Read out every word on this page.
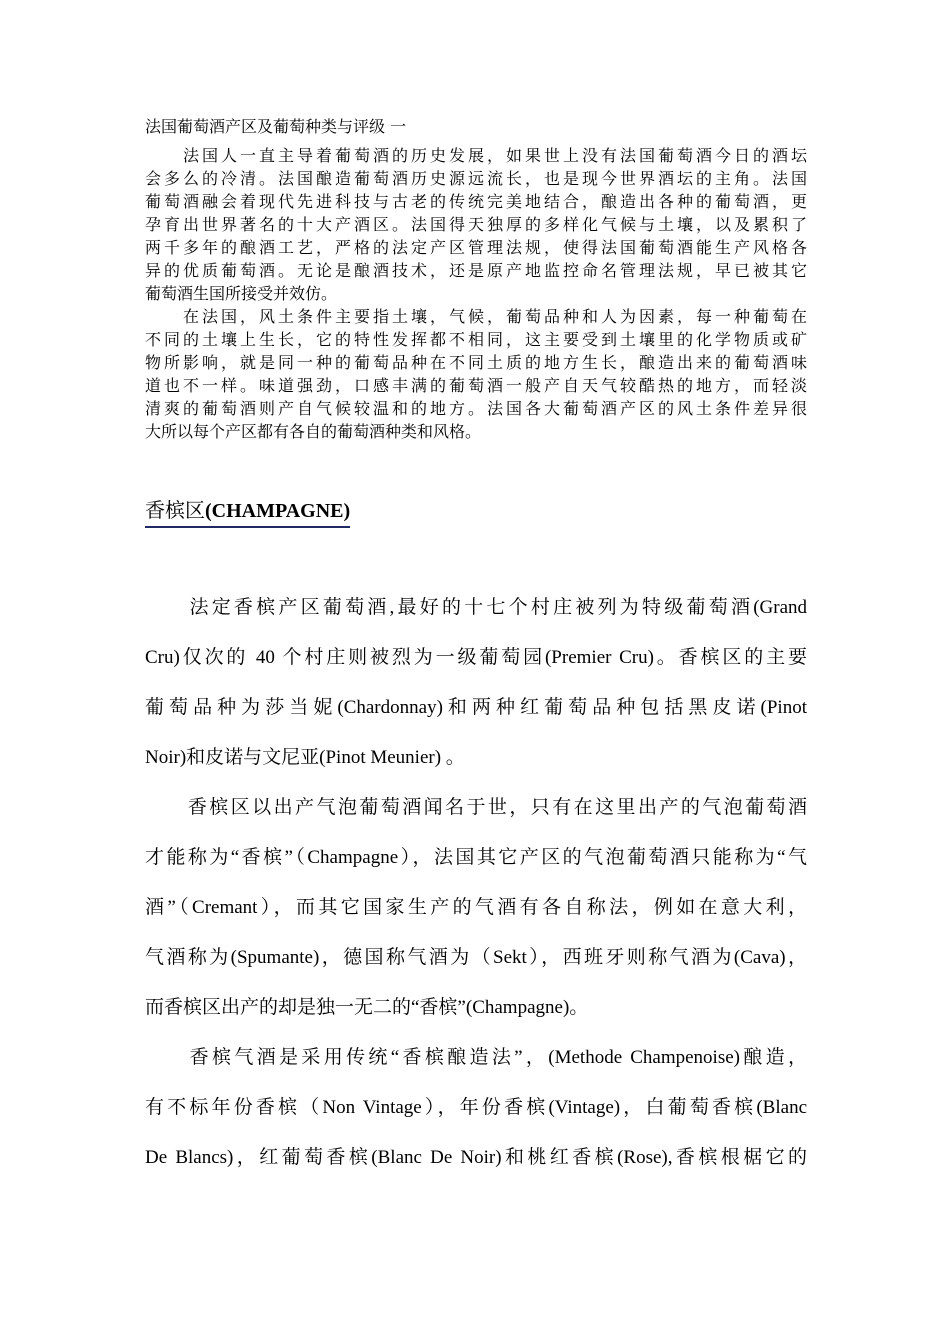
法国葡萄酒产区及葡萄种类与评级 一
　　法国人一直主导着葡萄酒的历史发展，如果世上没有法国葡萄酒今日的酒坛
会多么的冷清。法国酿造葡萄酒历史源远流长，也是现今世界酒坛的主角。法国
葡萄酒融会着现代先进科技与古老的传统完美地结合，酿造出各种的葡萄酒，更
孕育出世界著名的十大产酒区。法国得天独厚的多样化气候与土壤，以及累积了
两千多年的酿酒工艺，严格的法定产区管理法规，使得法国葡萄酒能生产风格各
异的优质葡萄酒。无论是酿酒技术，还是原产地监控命名管理法规，早已被其它
葡萄酒生国所接受并效仿。
　　在法国，风土条件主要指土壤，气候，葡萄品种和人为因素，每一种葡萄在
不同的土壤上生长，它的特性发挥都不相同，这主要受到土壤里的化学物质或矿
物所影响，就是同一种的葡萄品种在不同土质的地方生长，酿造出来的葡萄酒味
道也不一样。味道强劲，口感丰满的葡萄酒一般产自天气较酷热的地方，而轻淡
清爽的葡萄酒则产自气候较温和的地方。法国各大葡萄酒产区的风土条件差异很
大所以每个产区都有各自的葡萄酒种类和风格。
香槟区(CHAMPAGNE)
　　法定香槟产区葡萄酒,最好的十七个村庄被列为特级葡萄酒(Grand
Cru)仅次的 40 个村庄则被烈为一级葡萄园(Premier Cru)。香槟区的主要
葡萄品种为莎当妮(Chardonnay)和两种红葡萄品种包括黑皮诺(Pinot
Noir)和皮诺与文尼亚(Pinot Meunier) 。
　　香槟区以出产气泡葡萄酒闻名于世，只有在这里出产的气泡葡萄酒
才能称为“香槟”（Champagne），法国其它产区的气泡葡萄酒只能称为“气
酒”（Cremant），而其它国家生产的气酒有各自称法，例如在意大利，
气酒称为(Spumante)，德国称气酒为（Sekt），西班牙则称气酒为(Cava)，
而香槟区出产的却是独一无二的“香槟”(Champagne)。
　　香槟气酒是采用传统“香槟酿造法”，(Methode Champenoise)酿造，
有不标年份香槟（Non Vintage），年份香槟(Vintage)，白葡萄香槟(Blanc
De Blancs)，红葡萄香槟(Blanc De Noir)和桃红香槟(Rose),香槟根椐它的
